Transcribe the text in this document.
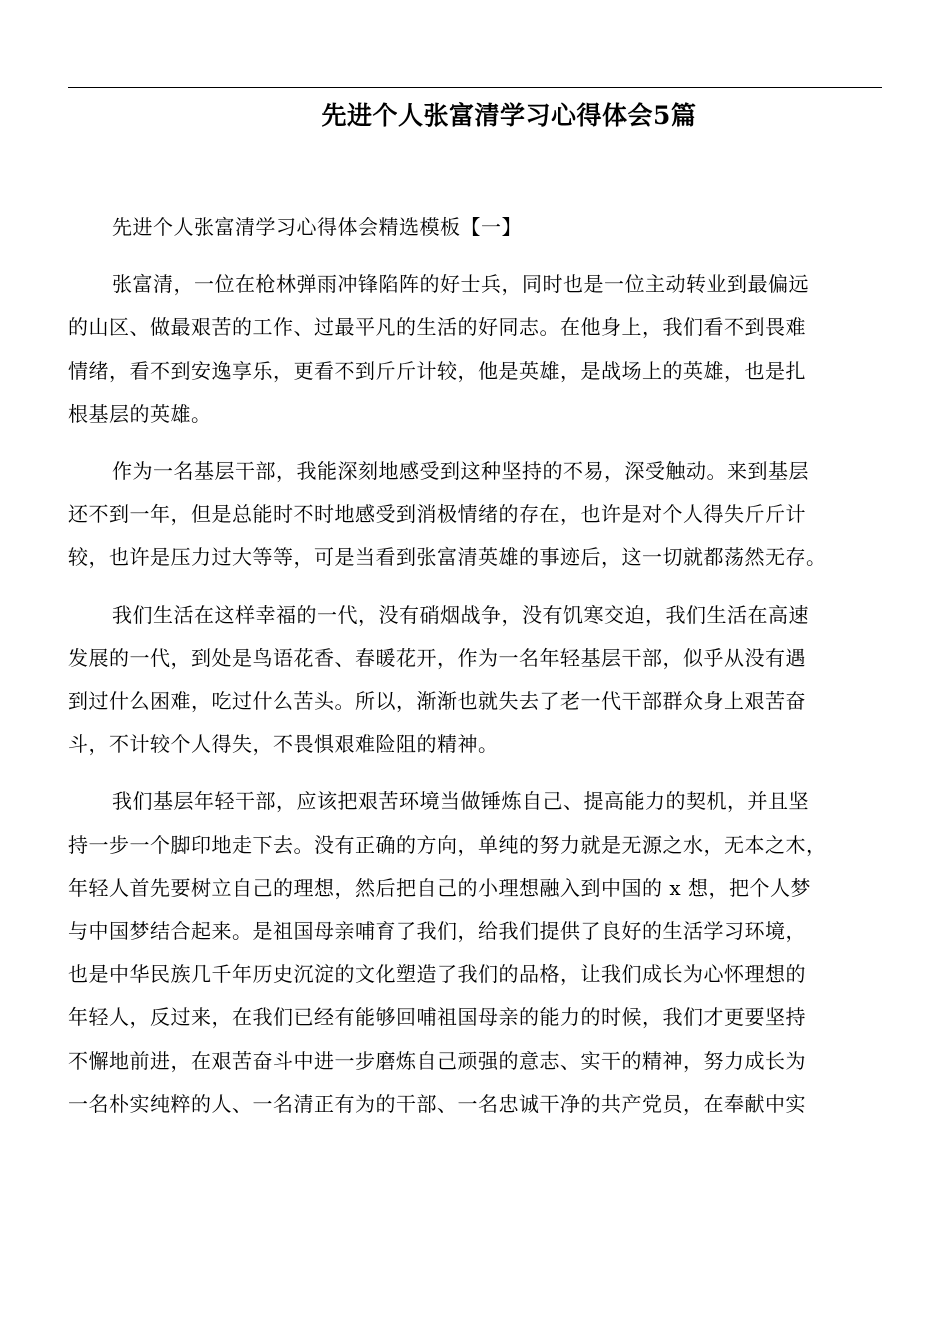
先进个人张富清学习心得体会5篇

先进个人张富清学习心得体会精选模板【一】

张富清，一位在枪林弹雨冲锋陷阵的好士兵，同时也是一位主动转业到最偏远
的山区、做最艰苦的工作、过最平凡的生活的好同志。在他身上，我们看不到畏难
情绪，看不到安逸享乐，更看不到斤斤计较，他是英雄，是战场上的英雄，也是扎
根基层的英雄。

作为一名基层干部，我能深刻地感受到这种坚持的不易，深受触动。来到基层
还不到一年，但是总能时不时地感受到消极情绪的存在，也许是对个人得失斤斤计
较，也许是压力过大等等，可是当看到张富清英雄的事迹后，这一切就都荡然无存。

我们生活在这样幸福的一代，没有硝烟战争，没有饥寒交迫，我们生活在高速
发展的一代，到处是鸟语花香、春暖花开，作为一名年轻基层干部，似乎从没有遇
到过什么困难，吃过什么苦头。所以，渐渐也就失去了老一代干部群众身上艰苦奋
斗，不计较个人得失，不畏惧艰难险阻的精神。

我们基层年轻干部，应该把艰苦环境当做锤炼自己、提高能力的契机，并且坚
持一步一个脚印地走下去。没有正确的方向，单纯的努力就是无源之水，无本之木，
年轻人首先要树立自己的理想，然后把自己的小理想融入到中国的 x 想，把个人梦
与中国梦结合起来。是祖国母亲哺育了我们，给我们提供了良好的生活学习环境，
也是中华民族几千年历史沉淀的文化塑造了我们的品格，让我们成长为心怀理想的
年轻人，反过来，在我们已经有能够回哺祖国母亲的能力的时候，我们才更要坚持
不懈地前进，在艰苦奋斗中进一步磨炼自己顽强的意志、实干的精神，努力成长为
一名朴实纯粹的人、一名清正有为的干部、一名忠诚干净的共产党员，在奉献中实
